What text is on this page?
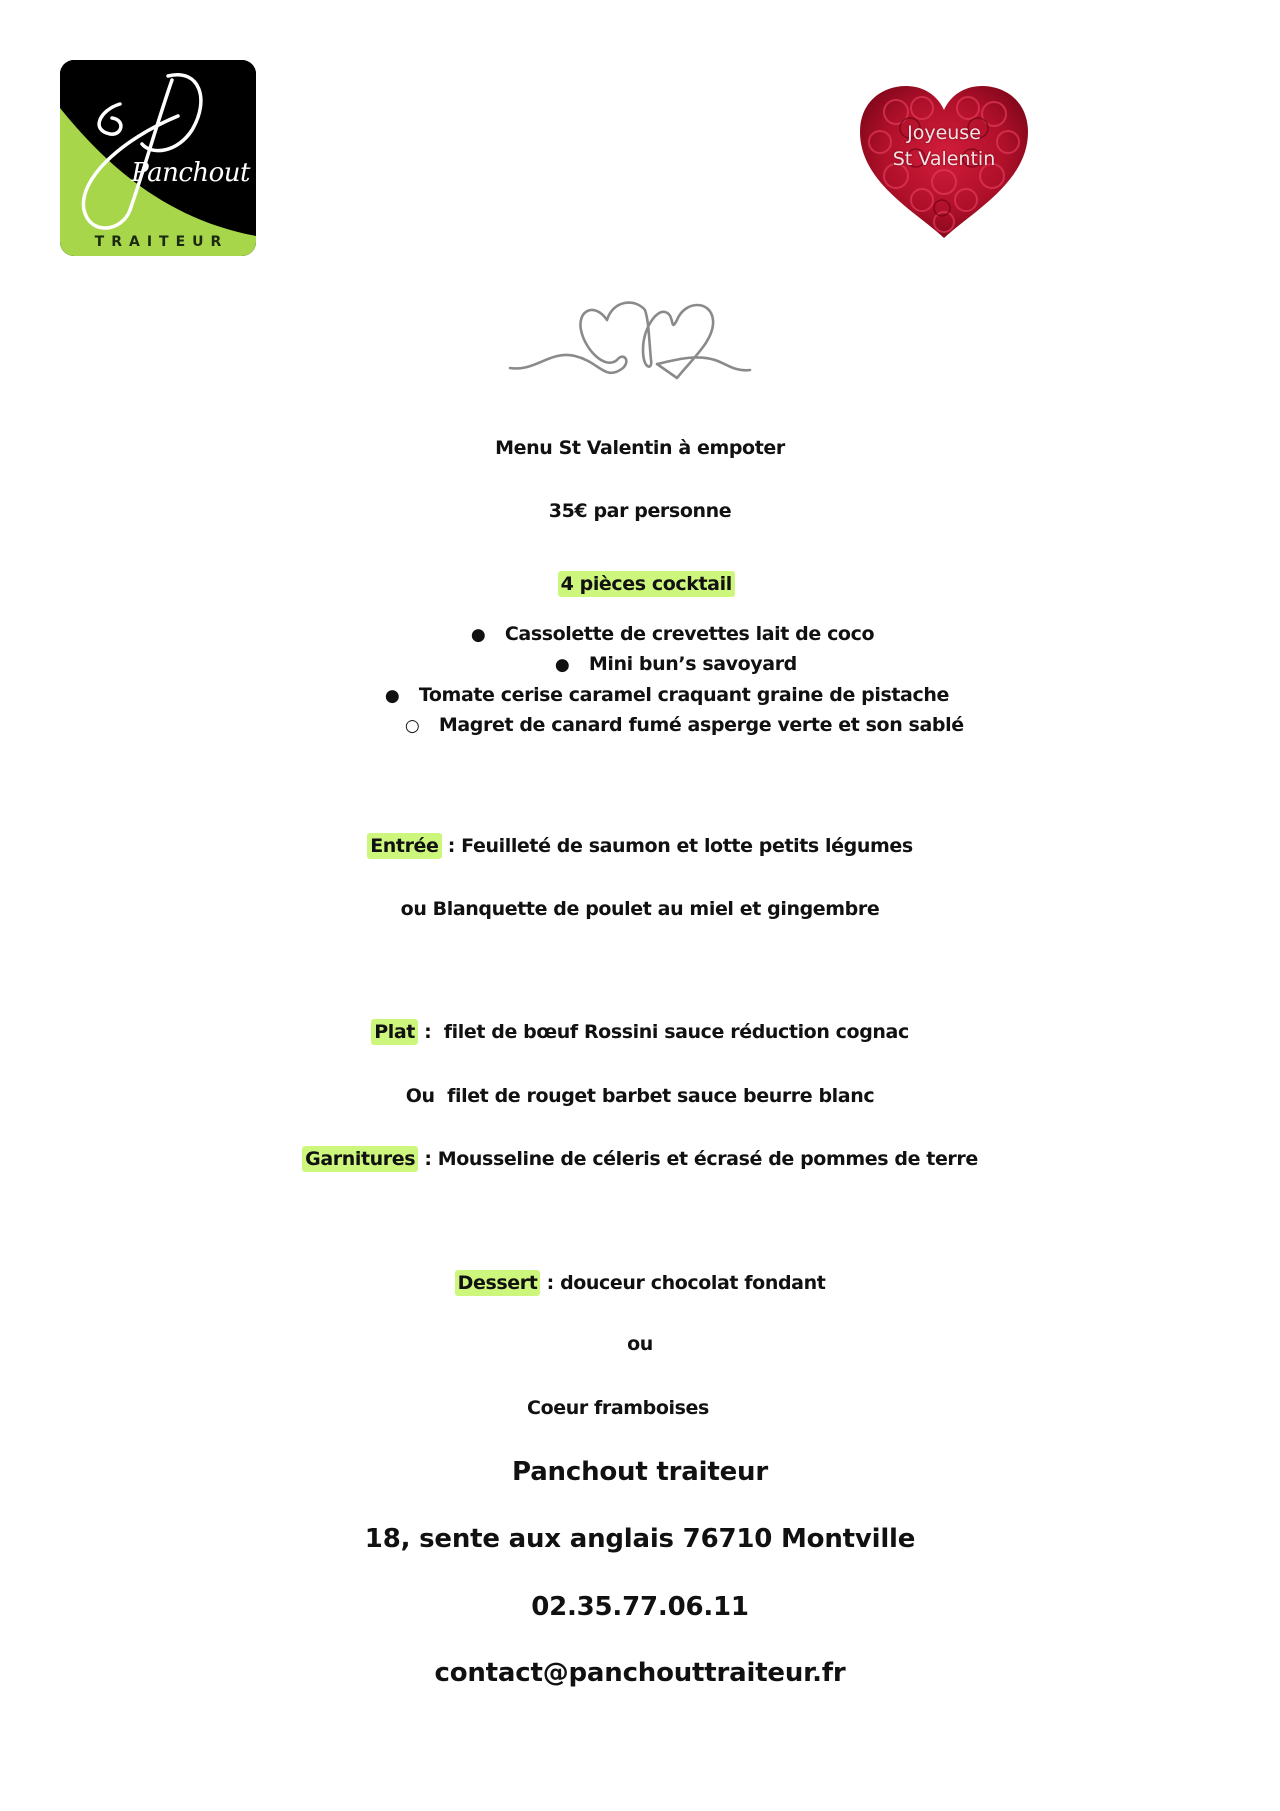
Panchout
TRAITEUR
Joyeuse
St Valentin
Menu St Valentin à empoter
35€ par personne

4 pièces cocktail

● Cassolette de crevettes lait de coco

● Mini bun’s savoyard

● Tomate cerise caramel craquant graine de pistache

○ Magret de canard fumé asperge verte et son sablé

Entrée : Feuilleté de saumon et lotte petits légumes
ou Blanquette de poulet au miel et gingembre
Plat :  filet de bœuf Rossini sauce réduction cognac
Ou  filet de rouget barbet sauce beurre blanc
Garnitures : Mousseline de céleris et écrasé de pommes de terre
Dessert : douceur chocolat fondant
ou
Coeur framboises
Panchout traiteur
18, sente aux anglais 76710 Montville
02.35.77.06.11
contact@panchouttraiteur.fr
